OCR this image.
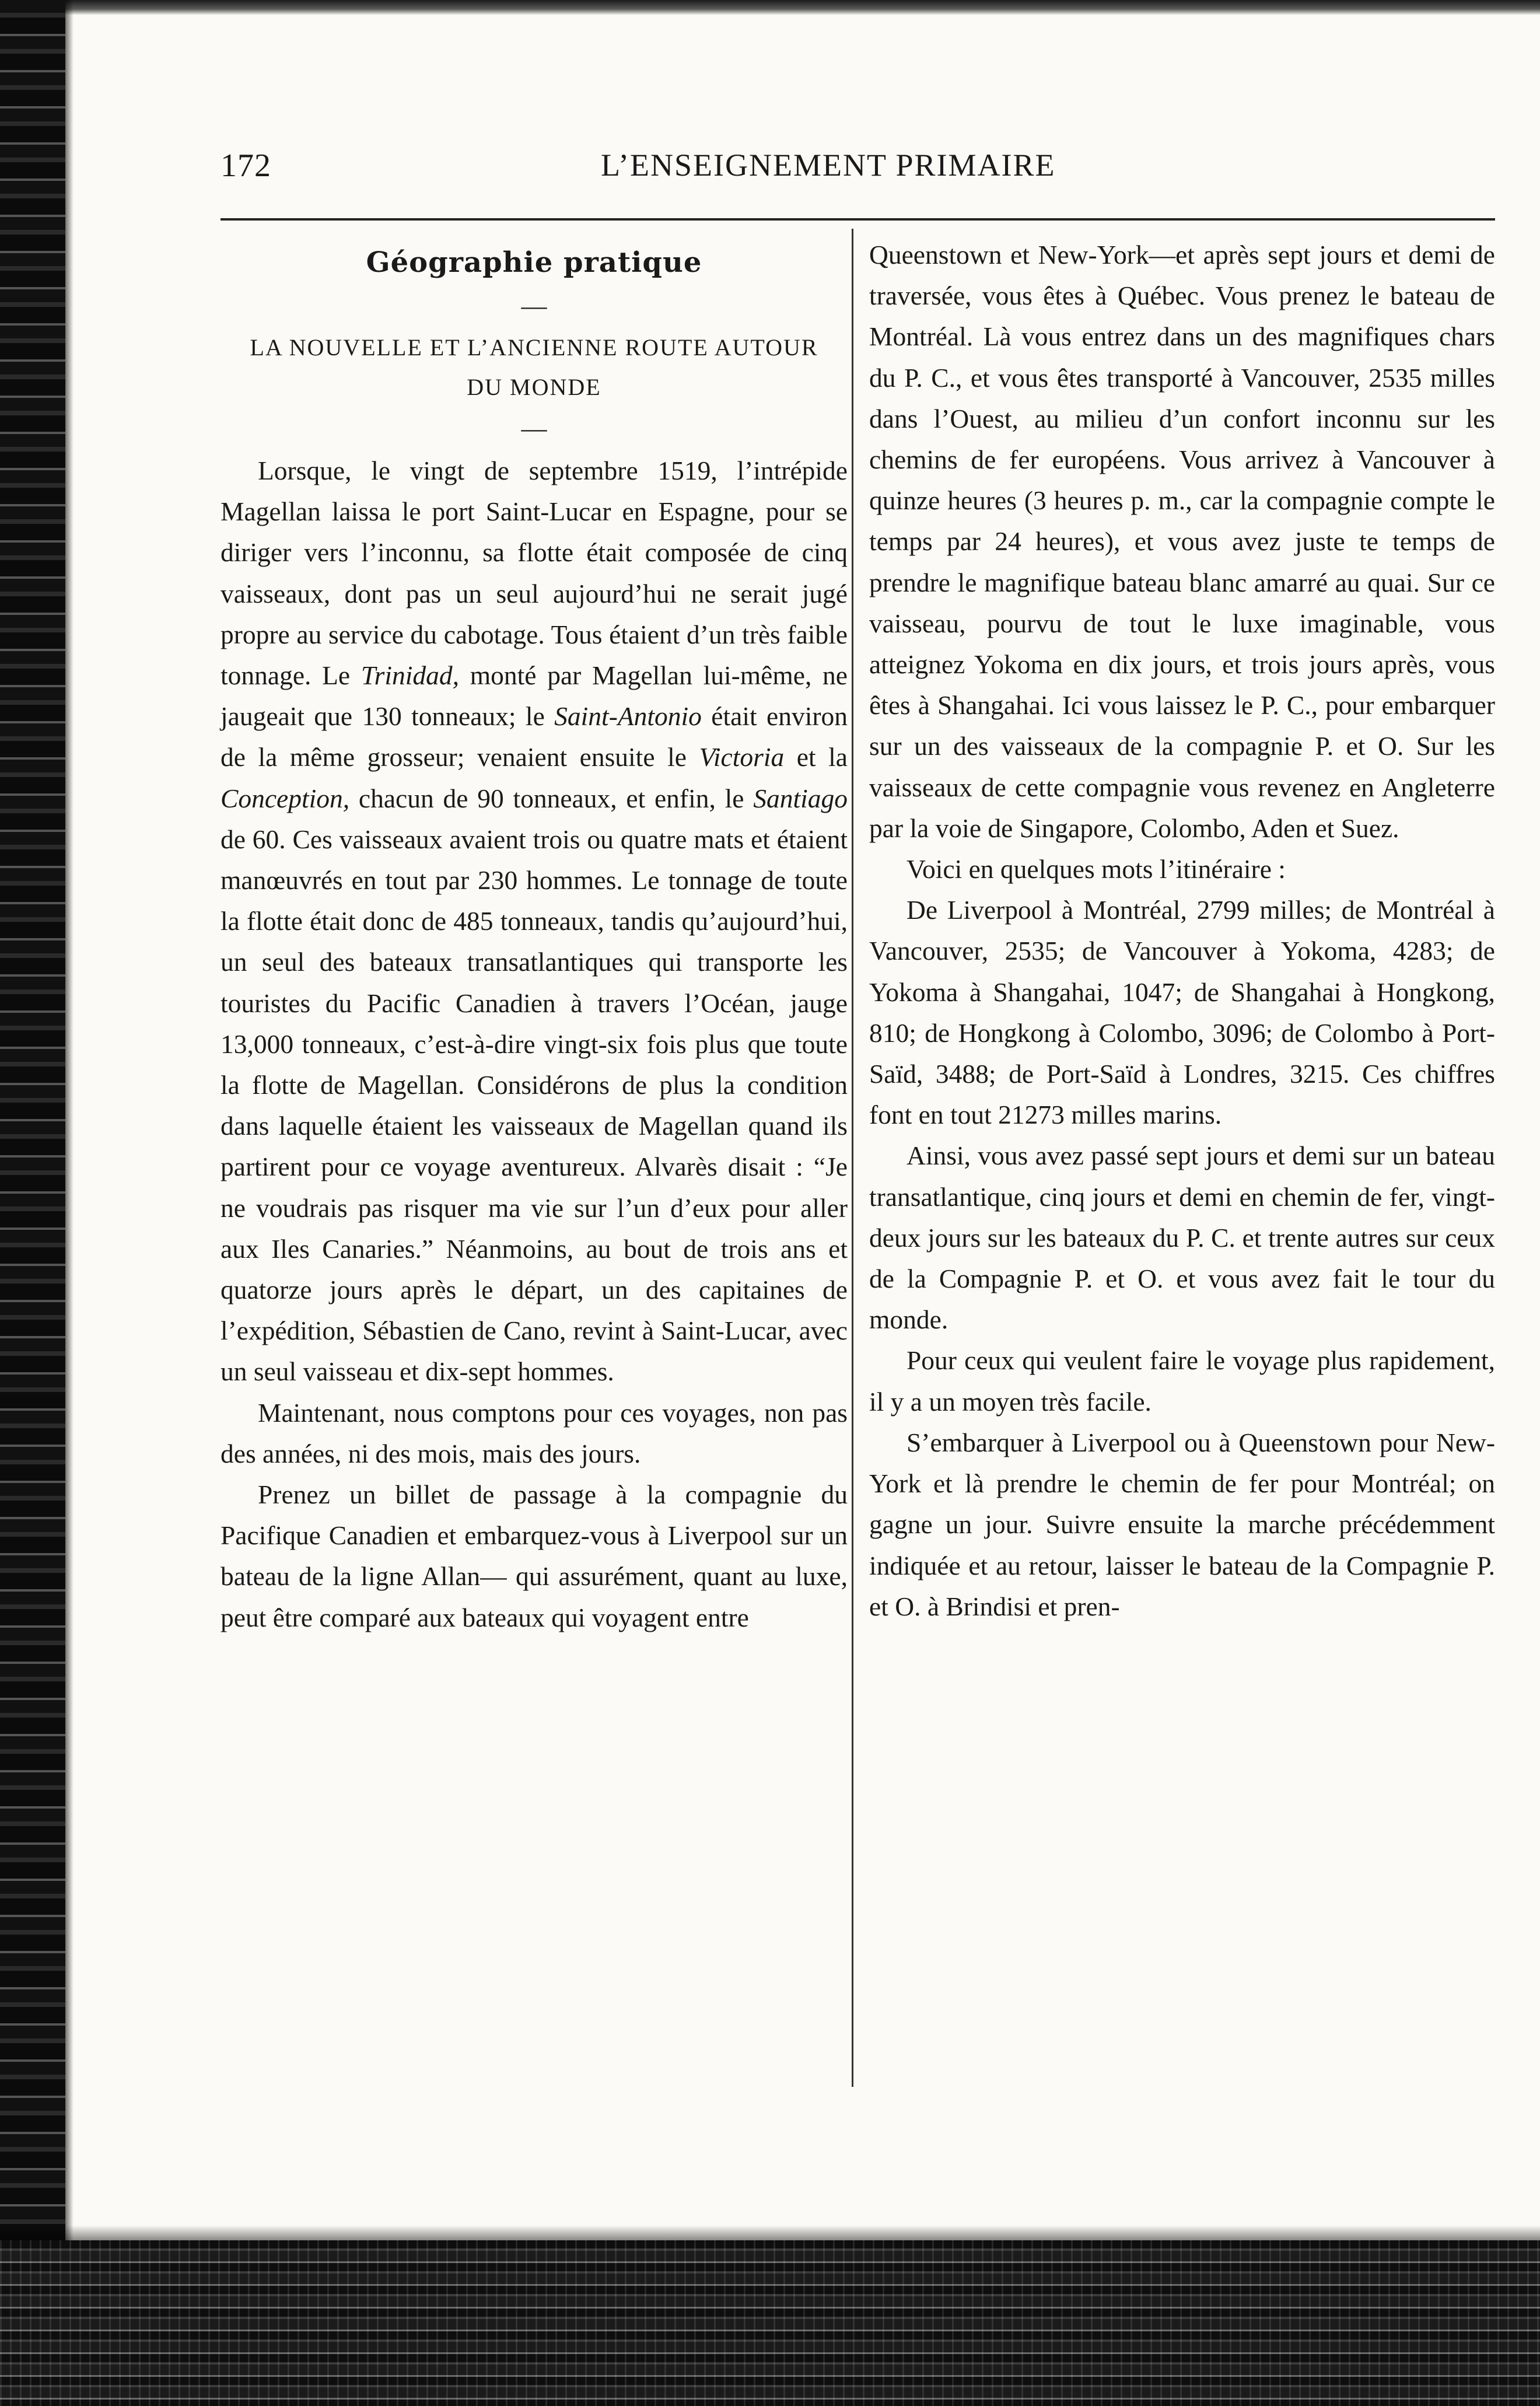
172	L’ENSEIGNEMENT PRIMAIRE
Géographie pratique
—
LA NOUVELLE ET L’ANCIENNE ROUTE AUTOUR
DU MONDE
—

Lorsque, le vingt de septembre 1519, l’intrépide Magellan laissa le port Saint-Lucar en Espagne, pour se diriger vers l’inconnu, sa flotte était composée de cinq vaisseaux, dont pas un seul aujourd’hui ne serait jugé propre au service du cabotage. Tous étaient d’un très faible tonnage. Le Trinidad, monté par Magellan lui-même, ne jaugeait que 130 tonneaux; le Saint-Antonio était environ de la même grosseur; venaient ensuite le Victoria et la Conception, chacun de 90 tonneaux, et enfin, le Santiago de 60. Ces vaisseaux avaient trois ou quatre mats et étaient manœuvrés en tout par 230 hommes. Le tonnage de toute la flotte était donc de 485 tonneaux, tandis qu’aujourd’hui, un seul des bateaux transatlantiques qui transporte les touristes du Pacific Canadien à travers l’Océan, jauge 13,000 tonneaux, c’est-à-dire vingt-six fois plus que toute la flotte de Magellan. Considérons de plus la condition dans laquelle étaient les vaisseaux de Magellan quand ils partirent pour ce voyage aventureux. Alvarès disait : “Je ne voudrais pas risquer ma vie sur l’un d’eux pour aller aux Iles Canaries.” Néanmoins, au bout de trois ans et quatorze jours après le départ, un des capitaines de l’expédition, Sébastien de Cano, revint à Saint-Lucar, avec un seul vaisseau et dix-sept hommes.

Maintenant, nous comptons pour ces voyages, non pas des années, ni des mois, mais des jours.

Prenez un billet de passage à la compagnie du Pacifique Canadien et embarquez-vous à Liverpool sur un bateau de la ligne Allan— qui assurément, quant au luxe, peut être comparé aux bateaux qui voyagent entre

Queenstown et New-York—et après sept jours et demi de traversée, vous êtes à Québec. Vous prenez le bateau de Montréal. Là vous entrez dans un des magnifiques chars du P. C., et vous êtes transporté à Vancouver, 2535 milles dans l’Ouest, au milieu d’un confort inconnu sur les chemins de fer européens. Vous arrivez à Vancouver à quinze heures (3 heures p. m., car la compagnie compte le temps par 24 heures), et vous avez juste te temps de prendre le magnifique bateau blanc amarré au quai. Sur ce vaisseau, pourvu de tout le luxe imaginable, vous atteignez Yokoma en dix jours, et trois jours après, vous êtes à Shangahai. Ici vous laissez le P. C., pour embarquer sur un des vaisseaux de la compagnie P. et O. Sur les vaisseaux de cette compagnie vous revenez en Angleterre par la voie de Singapore, Colombo, Aden et Suez.

Voici en quelques mots l’itinéraire :

De Liverpool à Montréal, 2799 milles; de Montréal à Vancouver, 2535; de Vancouver à Yokoma, 4283; de Yokoma à Shangahai, 1047; de Shangahai à Hongkong, 810; de Hongkong à Colombo, 3096; de Colombo à Port-Saïd, 3488; de Port-Saïd à Londres, 3215. Ces chiffres font en tout 21273 milles marins.

Ainsi, vous avez passé sept jours et demi sur un bateau transatlantique, cinq jours et demi en chemin de fer, vingt-deux jours sur les bateaux du P. C. et trente autres sur ceux de la Compagnie P. et O. et vous avez fait le tour du monde.

Pour ceux qui veulent faire le voyage plus rapidement, il y a un moyen très facile.

S’embarquer à Liverpool ou à Queenstown pour New-York et là prendre le chemin de fer pour Montréal; on gagne un jour. Suivre ensuite la marche précédemment indiquée et au retour, laisser le bateau de la Compagnie P. et O. à Brindisi et pren-
